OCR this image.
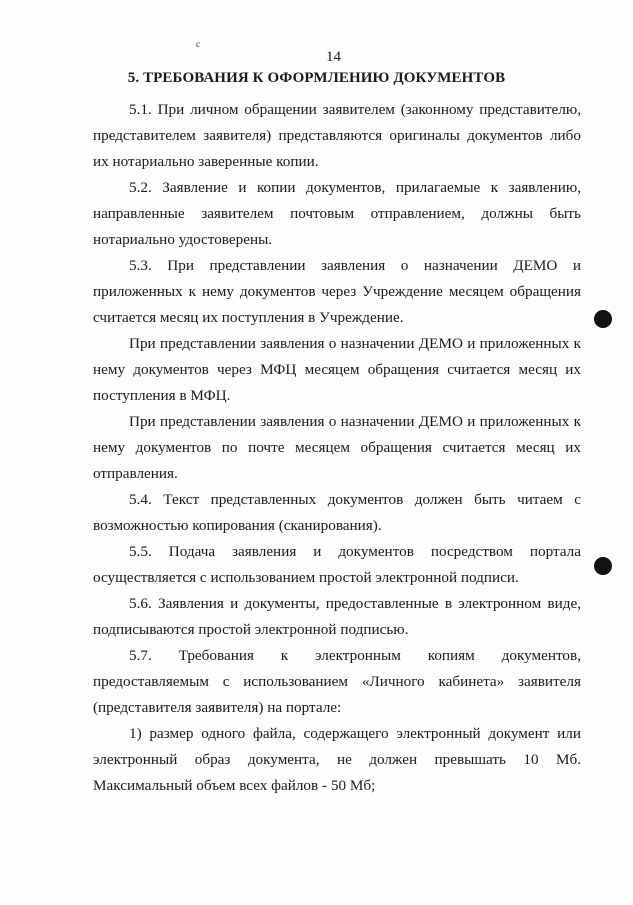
с
14
5. ТРЕБОВАНИЯ К ОФОРМЛЕНИЮ ДОКУМЕНТОВ

5.1. При личном обращении заявителем (законному представителю, представителем заявителя) представляются оригиналы документов либо их нотариально заверенные копии.

5.2. Заявление и копии документов, прилагаемые к заявлению, направленные заявителем почтовым отправлением, должны быть нотариально удостоверены.

5.3. При представлении заявления о назначении ДЕМО и приложенных к нему документов через Учреждение месяцем обращения считается месяц их поступления в Учреждение.

При представлении заявления о назначении ДЕМО и приложенных к нему документов через МФЦ месяцем обращения считается месяц их поступления в МФЦ.

При представлении заявления о назначении ДЕМО и приложенных к нему документов по почте месяцем обращения считается месяц их отправления.

5.4. Текст представленных документов должен быть читаем с возможностью копирования (сканирования).

5.5. Подача заявления и документов посредством портала осуществляется с использованием простой электронной подписи.

5.6. Заявления и документы, предоставленные в электронном виде, подписываются простой электронной подписью.

5.7. Требования к электронным копиям документов, предоставляемым с использованием «Личного кабинета» заявителя (представителя заявителя) на портале:

1) размер одного файла, содержащего электронный документ или электронный образ документа, не должен превышать 10 Мб. Максимальный объем всех файлов - 50 Мб;
